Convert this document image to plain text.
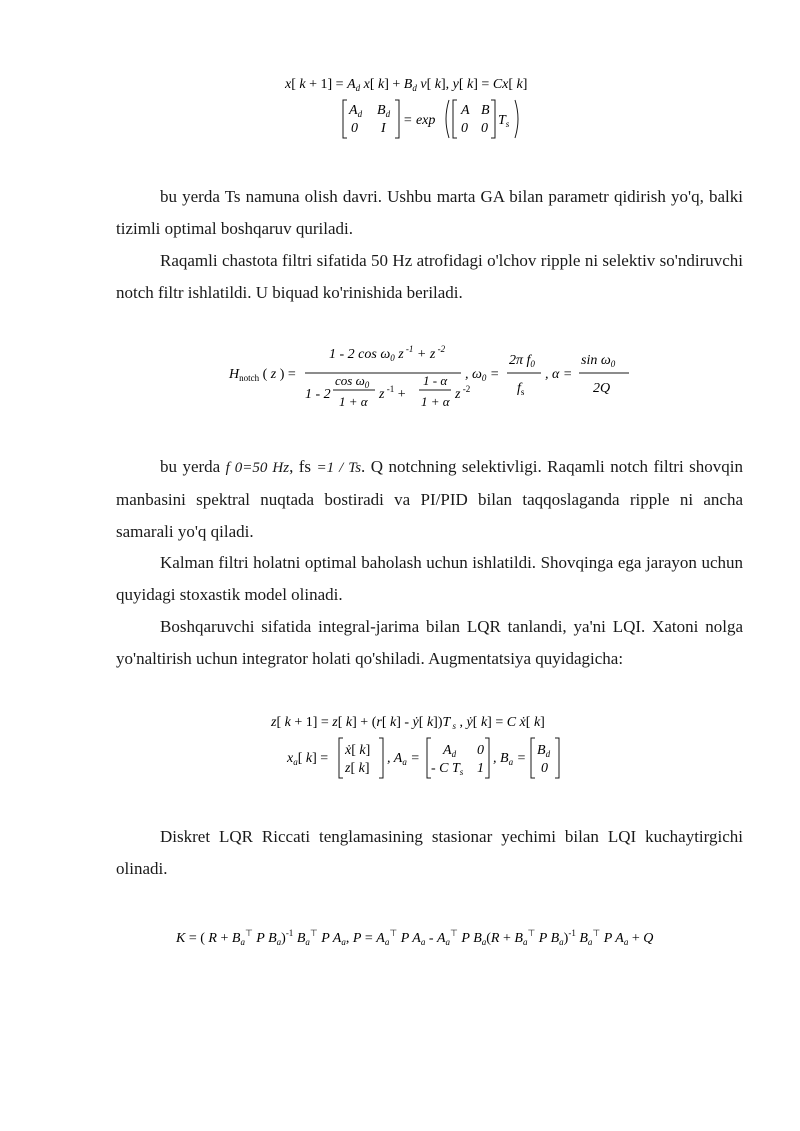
x[ $k + 1] = A_d$ x[ $k] + B_d$ v[ k], y[ k] = Cx[ k]
$A_d$ $B_d$
0 I
= exp
A B
0 0
$T_s$

bu yerda Ts namuna olish davri. Ushbu marta GA bilan parametr qidirish yo'q, balki tizimli optimal boshqaruv quriladi.

Raqamli chastota filtri sifatida 50 Hz atrofidagi o'lchov ripple ni selektiv so'ndiruvchi notch filtr ishlatildi. U biquad ko'rinishida beriladi.

$H_{notch}$ ( z ) =
1 - 2 $\cos \omega_0$ z $^{-1}$ + z $^{-2}$
1 - 2
$\cos \omega_0$
1 + α z $^{-1}$ +
1 - α
1 + α z $^{-2}$
, $\omega_0$ =
2π $f_0$
$f_s$
, α =
$\sin \omega_0$
2Q

bu yerda f 0=50 Hz, fs =1 / Ts. Q notchning selektivligi. Raqamli notch filtri shovqin manbasini spektral nuqtada bostiradi va PI/PID bilan taqqoslaganda ripple ni ancha samarali yo'q qiladi.

Kalman filtri holatni optimal baholash uchun ishlatildi. Shovqinga ega jarayon uchun quyidagi stoxastik model olinadi.

Boshqaruvchi sifatida integral-jarima bilan LQR tanlandi, ya'ni LQI. Xatoni nolga yo'naltirish uchun integrator holati qo'shiladi. Augmentatsiya quyidagicha:

z[ k + 1] = z[ k] + (r[ k] - ẏ[ k])T $_s$ , ẏ[ k] = C ẋ[ k]
$x_a$[ k] =
ẋ[ k]
z[ k]
, $A_a$ =
$A_d$ 0
- C $T_s$ 1
, $B_a$ =
$B_d$
0

Diskret LQR Riccati tenglamasining stasionar yechimi bilan LQI kuchaytirgichi olinadi.

K = ( $R + B_a^⊤$ P $B_a)^{-1}$ $B_a^⊤$ P $A_a$, $P = A_a^⊤$ P $A_a - A_a^⊤$ P $B_a(R + B_a^⊤$ P $B_a)^{-1}$ $B_a^⊤$ P $A_a + Q$
